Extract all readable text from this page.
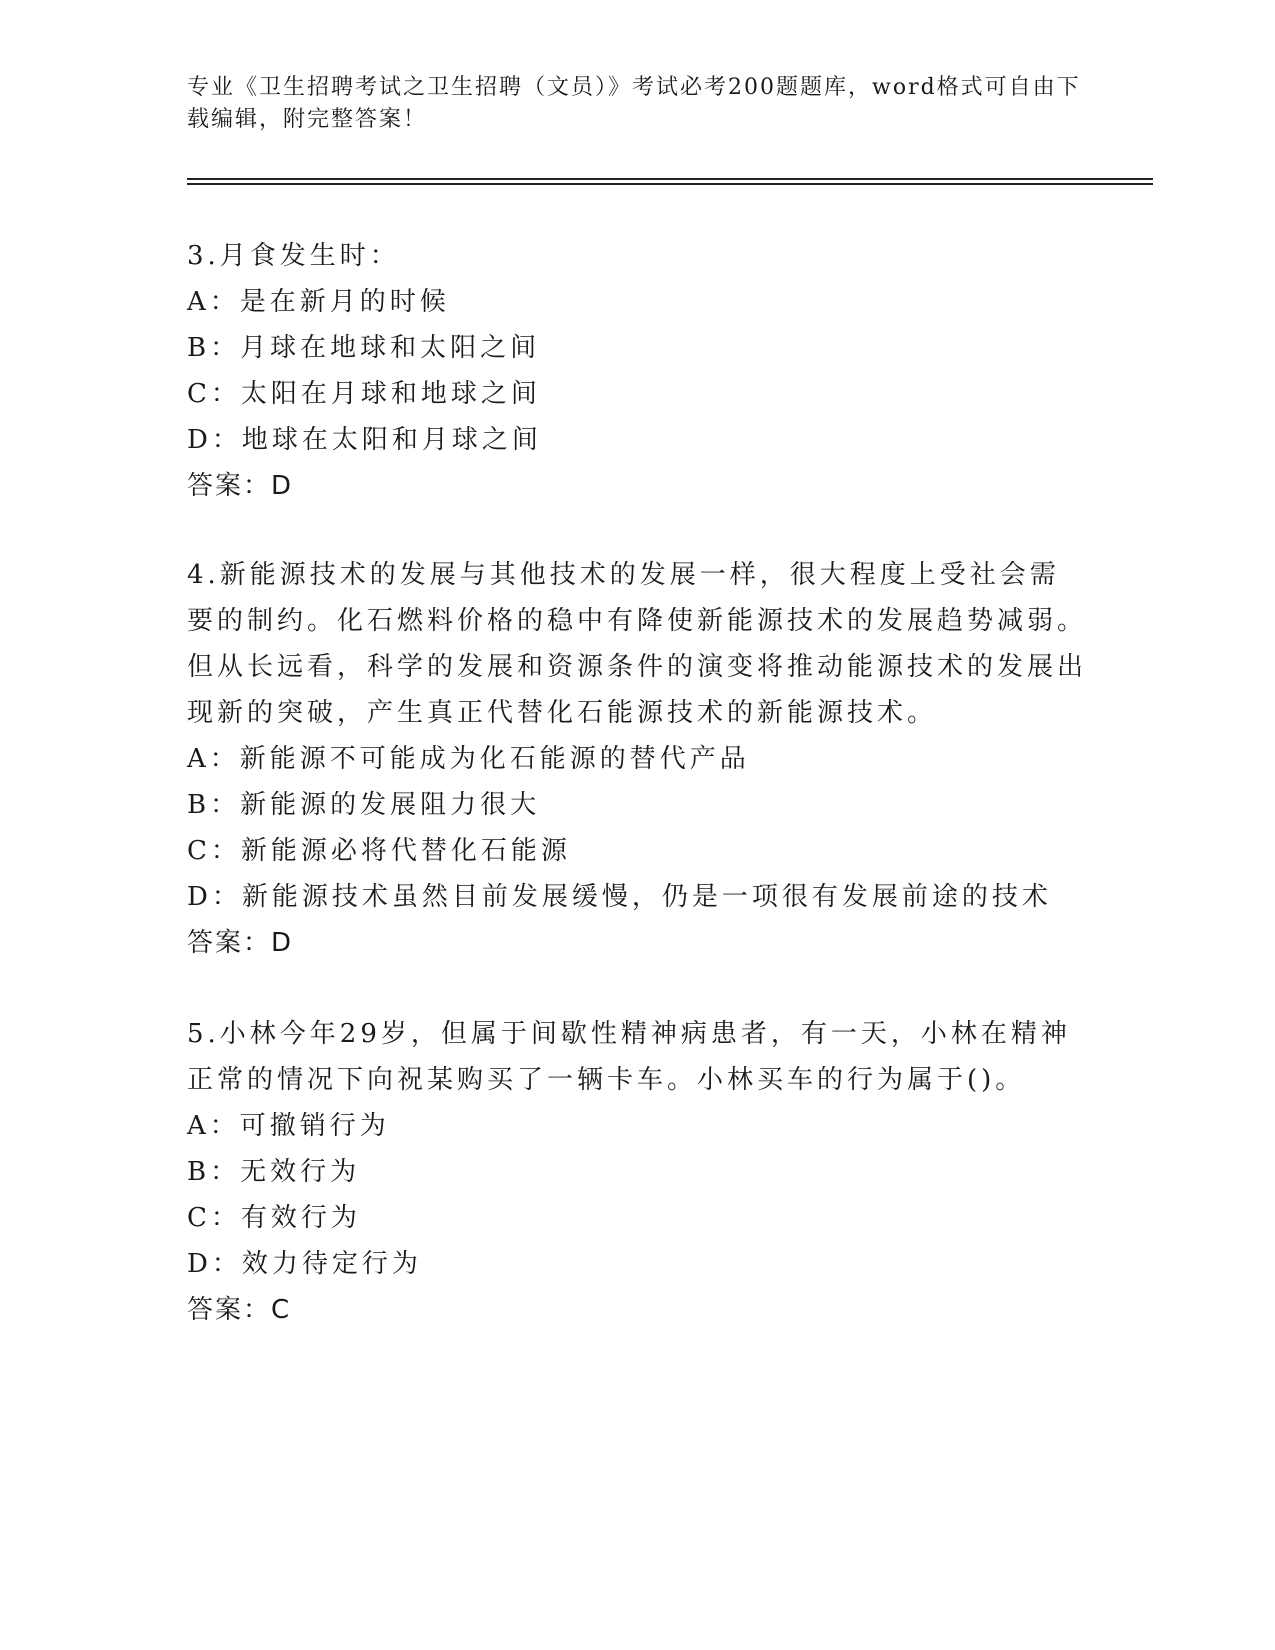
专业《卫生招聘考试之卫生招聘（文员）》考试必考200题题库，word格式可自由下载编辑，附完整答案！

3.月食发生时：

A：是在新月的时候

B：月球在地球和太阳之间

C：太阳在月球和地球之间

D：地球在太阳和月球之间

答案：D

4.新能源技术的发展与其他技术的发展一样，很大程度上受社会需要的制约。化石燃料价格的稳中有降使新能源技术的发展趋势减弱。但从长远看，科学的发展和资源条件的演变将推动能源技术的发展出现新的突破，产生真正代替化石能源技术的新能源技术。

A：新能源不可能成为化石能源的替代产品

B：新能源的发展阻力很大

C：新能源必将代替化石能源

D：新能源技术虽然目前发展缓慢，仍是一项很有发展前途的技术

答案：D

5.小林今年29岁，但属于间歇性精神病患者，有一天，小林在精神正常的情况下向祝某购买了一辆卡车。小林买车的行为属于()。

A：可撤销行为

B：无效行为

C：有效行为

D：效力待定行为

答案：C
